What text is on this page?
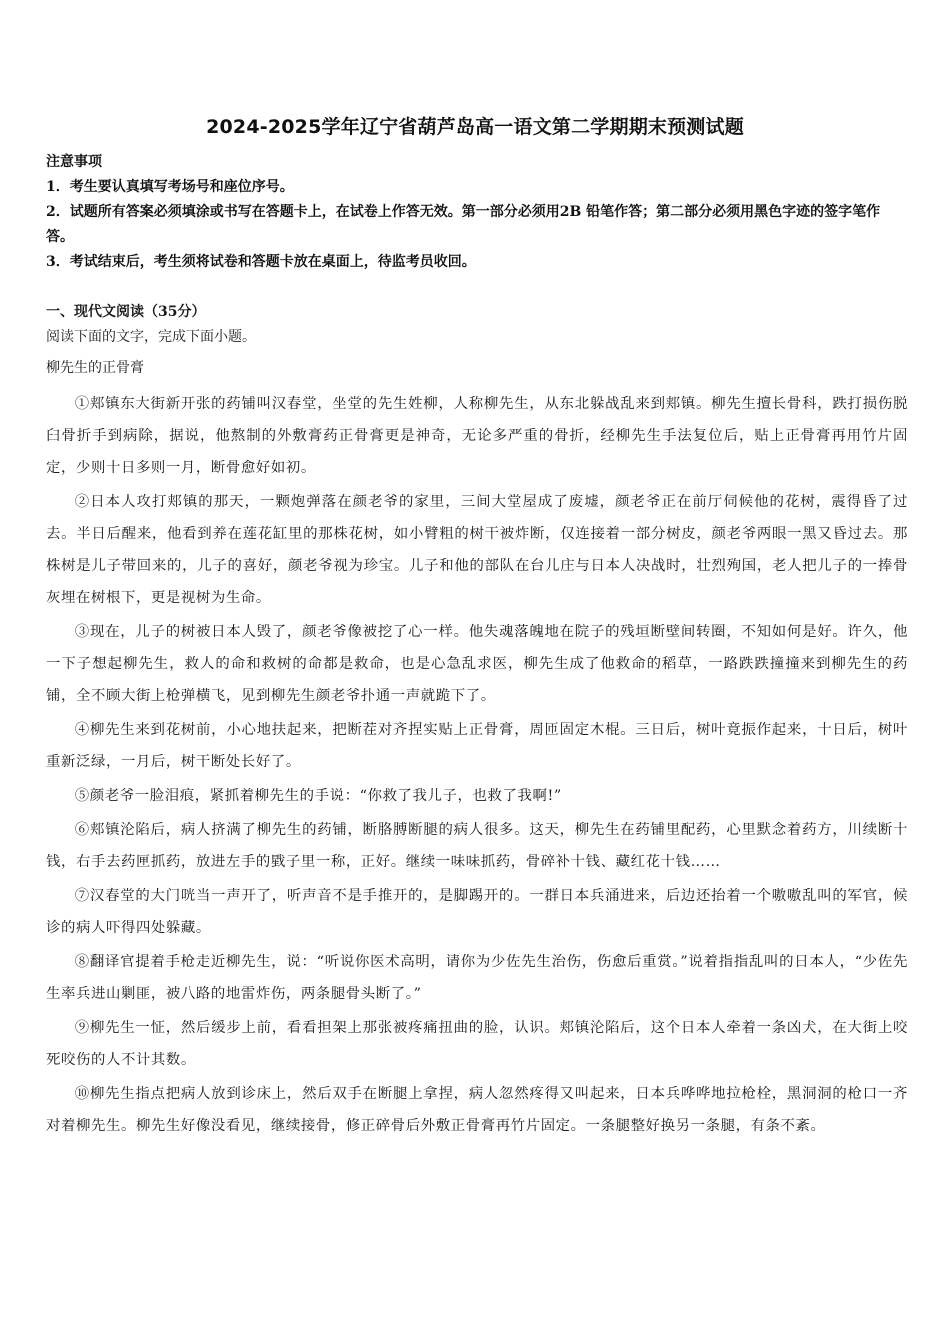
2024-2025学年辽宁省葫芦岛高一语文第二学期期末预测试题

注意事项

1．考生要认真填写考场号和座位序号。

2．试题所有答案必须填涂或书写在答题卡上，在试卷上作答无效。第一部分必须用2B 铅笔作答；第二部分必须用黑色字迹的签字笔作答。

3．考试结束后，考生须将试卷和答题卡放在桌面上，待监考员收回。

一、现代文阅读（35分）

阅读下面的文字，完成下面小题。

柳先生的正骨膏

①郏镇东大街新开张的药铺叫汉春堂，坐堂的先生姓柳，人称柳先生，从东北躲战乱来到郏镇。柳先生擅长骨科，跌打损伤脱臼骨折手到病除，据说，他熬制的外敷膏药正骨膏更是神奇，无论多严重的骨折，经柳先生手法复位后，贴上正骨膏再用竹片固定，少则十日多则一月，断骨愈好如初。

②日本人攻打郏镇的那天，一颗炮弹落在颜老爷的家里，三间大堂屋成了废墟，颜老爷正在前厅伺候他的花树，震得昏了过去。半日后醒来，他看到养在莲花缸里的那株花树，如小臂粗的树干被炸断，仅连接着一部分树皮，颜老爷两眼一黑又昏过去。那株树是儿子带回来的，儿子的喜好，颜老爷视为珍宝。儿子和他的部队在台儿庄与日本人决战时，壮烈殉国，老人把儿子的一捧骨灰埋在树根下，更是视树为生命。

③现在，儿子的树被日本人毁了，颜老爷像被挖了心一样。他失魂落魄地在院子的残垣断壁间转圈，不知如何是好。许久，他一下子想起柳先生，救人的命和救树的命都是救命，也是心急乱求医，柳先生成了他救命的稻草，一路跌跌撞撞来到柳先生的药铺，全不顾大街上枪弹横飞，见到柳先生颜老爷扑通一声就跪下了。

④柳先生来到花树前，小心地扶起来，把断茬对齐捏实贴上正骨膏，周匝固定木棍。三日后，树叶竟振作起来，十日后，树叶重新泛绿，一月后，树干断处长好了。

⑤颜老爷一脸泪痕，紧抓着柳先生的手说：“你救了我儿子，也救了我啊!”

⑥郏镇沦陷后，病人挤满了柳先生的药铺，断胳膊断腿的病人很多。这天，柳先生在药铺里配药，心里默念着药方，川续断十钱，右手去药匣抓药，放进左手的戥子里一称，正好。继续一味味抓药，骨碎补十钱、藏红花十钱……

⑦汉春堂的大门咣当一声开了，听声音不是手推开的，是脚踢开的。一群日本兵涌进来，后边还抬着一个嗷嗷乱叫的军官，候诊的病人吓得四处躲藏。

⑧翻译官提着手枪走近柳先生，说：“听说你医术高明，请你为少佐先生治伤，伤愈后重赏。”说着指指乱叫的日本人，“少佐先生率兵进山剿匪，被八路的地雷炸伤，两条腿骨头断了。”

⑨柳先生一怔，然后缓步上前，看看担架上那张被疼痛扭曲的脸，认识。郏镇沦陷后，这个日本人牵着一条凶犬，在大街上咬死咬伤的人不计其数。

⑩柳先生指点把病人放到诊床上，然后双手在断腿上拿捏，病人忽然疼得又叫起来，日本兵哗哗地拉枪栓，黑洞洞的枪口一齐对着柳先生。柳先生好像没看见，继续接骨，修正碎骨后外敷正骨膏再竹片固定。一条腿整好换另一条腿，有条不紊。
